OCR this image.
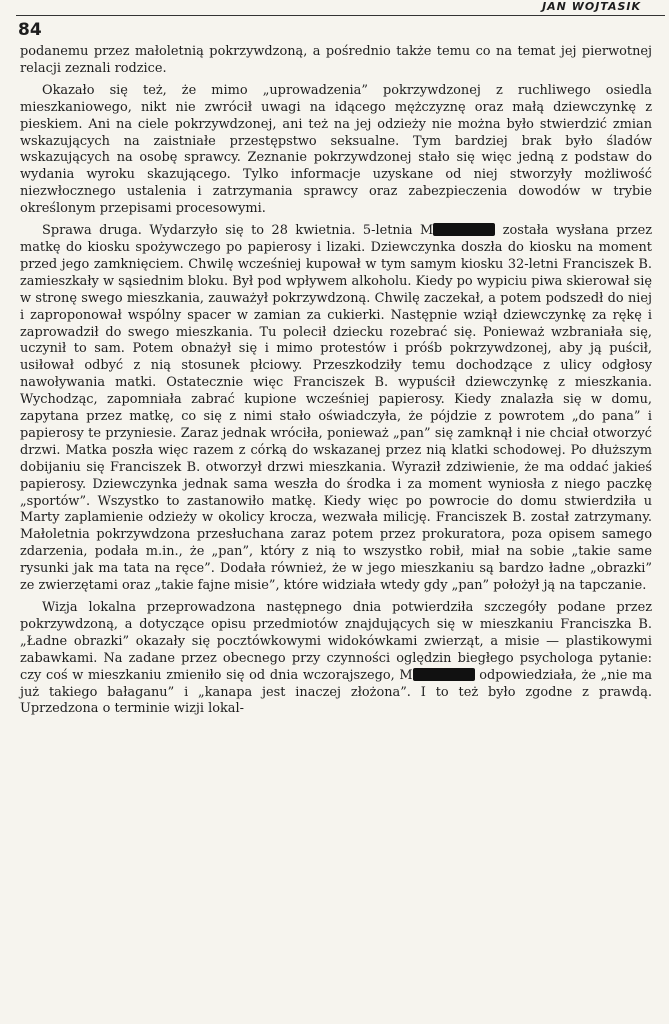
84
JAN WOJTASIK

podanemu przez małoletnią pokrzywdzoną, a pośrednio także temu co na temat jej pierwotnej relacji zeznali rodzice.

Okazało się też, że mimo „uprowadzenia” pokrzywdzonej z ruchliwego osiedla mieszkaniowego, nikt nie zwrócił uwagi na idącego mężczyznę oraz małą dziewczynkę z pieskiem. Ani na ciele pokrzywdzonej, ani też na jej odzieży nie można było stwierdzić zmian wskazujących na zaistniałe przestępstwo seksualne. Tym bardziej brak było śladów wskazujących na osobę sprawcy. Zeznanie pokrzywdzonej stało się więc jedną z podstaw do wydania wyroku skazującego. Tylko informacje uzyskane od niej stworzyły możliwość niezwłocznego ustalenia i zatrzymania sprawcy oraz zabezpieczenia dowodów w trybie określonym przepisami procesowymi.

Sprawa druga. Wydarzyło się to 28 kwietnia. 5-letnia M	została wysłana przez matkę do kiosku spożywczego po papierosy i lizaki. Dziewczynka doszła do kiosku na moment przed jego zamknięciem. Chwilę wcześniej kupował w tym samym kiosku 32-letni Franciszek B. zamieszkały w sąsiednim bloku. Był pod wpływem alkoholu. Kiedy po wypiciu piwa skierował się w stronę swego mieszkania, zauważył pokrzywdzoną. Chwilę zaczekał, a potem podszedł do niej i zaproponował wspólny spacer w zamian za cukierki. Następnie wziął dziewczynkę za rękę i zaprowadził do swego mieszkania. Tu polecił dziecku rozebrać się. Ponieważ wzbraniała się, uczynił to sam. Potem obnażył się i mimo protestów i próśb pokrzywdzonej, aby ją puścił, usiłował odbyć z nią stosunek płciowy. Przeszkodziły temu dochodzące z ulicy odgłosy nawoływania matki. Ostatecznie więc Franciszek B. wypuścił dziewczynkę z mieszkania. Wychodząc, zapomniała zabrać kupione wcześniej papierosy. Kiedy znalazła się w domu, zapytana przez matkę, co się z nimi stało oświadczyła, że pójdzie z powrotem „do pana” i papierosy te przyniesie. Zaraz jednak wróciła, ponieważ „pan” się zamknął i nie chciał otworzyć drzwi. Matka poszła więc razem z córką do wskazanej przez nią klatki schodowej. Po dłuższym dobijaniu się Franciszek B. otworzył drzwi mieszkania. Wyraził zdziwienie, że ma oddać jakieś papierosy. Dziewczynka jednak sama weszła do środka i za moment wyniosła z niego paczkę „sportów”. Wszystko to zastanowiło matkę. Kiedy więc po powrocie do domu stwierdziła u Marty zaplamienie odzieży w okolicy krocza, wezwała milicję. Franciszek B. został zatrzymany. Małoletnia pokrzywdzona przesłuchana zaraz potem przez prokuratora, poza opisem samego zdarzenia, podała m.in., że „pan”, który z nią to wszystko robił, miał na sobie „takie same rysunki jak ma tata na ręce”. Dodała również, że w jego mieszkaniu są bardzo ładne „obrazki” ze zwierzętami oraz „takie fajne misie”, które widziała wtedy gdy „pan” położył ją na tapczanie.

Wizja lokalna przeprowadzona następnego dnia potwierdziła szczegóły podane przez pokrzywdzoną, a dotyczące opisu przedmiotów znajdujących się w mieszkaniu Franciszka B. „Ładne obrazki” okazały się pocztówkowymi widokówkami zwierząt, a misie — plastikowymi zabawkami. Na zadane przez obecnego przy czynności oględzin biegłego psychologa pytanie: czy coś w mieszkaniu zmieniło się od dnia wczorajszego, M	odpowiedziała, że „nie ma już takiego bałaganu” i „kanapa jest inaczej złożona”. I to też było zgodne z prawdą. Uprzedzona o terminie wizji lokal-
